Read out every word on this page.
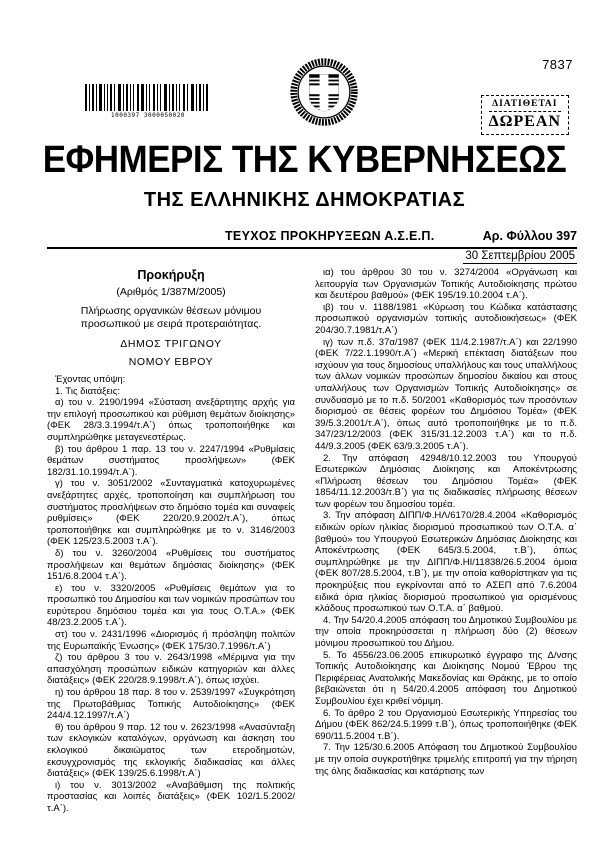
7837
1000397 3000050020
ΔΙΑΤΙΘΕΤΑΙ
ΔΩΡΕΑΝ
ΕΦΗΜΕΡΙΣ ΤΗΣ ΚΥΒΕΡΝΗΣΕΩΣ
ΤΗΣ ΕΛΛΗΝΙΚΗΣ ΔΗΜΟΚΡΑΤΙΑΣ
ΤΕΥΧΟΣ ΠΡΟΚΗΡΥΞΕΩΝ Α.Σ.Ε.Π.	Αρ. Φύλλου 397
30 Σεπτεμβρίου 2005
Προκήρυξη
(Αριθμός 1/387Μ/2005)
Πλήρωσης οργανικών θέσεων μόνιμου προσωπικού με σειρά προτεραιότητας.
ΔΗΜΟΣ ΤΡΙΓΩΝΟΥ
ΝΟΜΟΥ ΕΒΡΟΥ

Έχοντας υπόψη:

1. Τις διατάξεις:

α) του ν. 2190/1994 «Σύσταση ανεξάρτητης αρχής για την επιλογή προσωπικού και ρύθμιση θεμάτων διοίκησης» (ΦΕΚ 28/3.3.1994/τ.Α΄) όπως τροποποιήθηκε και συμπληρώθηκε μεταγενεστέρως.

β) του άρθρου 1 παρ. 13 του ν. 2247/1994 «Ρυθμίσεις θεμάτων συστήματος προσλήψεων» (ΦΕΚ 182/31.10.1994/τ.Α΄).

γ) του ν. 3051/2002 «Συνταγματικά κατοχυρωμένες ανεξάρτητες αρχές, τροποποίηση και συμπλήρωση του συστήματος προσλήψεων στο δημόσιο τομέα και συναφείς ρυθμίσεις» (ΦΕΚ 220/20.9.2002/τ.Α΄), όπως τροποποιήθηκε και συμπληρώθηκε με το ν. 3146/2003 (ΦΕΚ 125/23.5.2003 τ.Α΄).

δ) του ν. 3260/2004 «Ρυθμίσεις του συστήματος προσλήψεων και θεμάτων δημόσιας διοίκησης» (ΦΕΚ 151/6.8.2004 τ.Α΄).

ε) του ν. 3320/2005 «Ρυθμίσεις θεμάτων για το προσωπικό του Δημοσίου και των νομικών προσώπων του ευρύτερου δημόσιου τομέα και για τους Ο.Τ.Α.» (ΦΕΚ 48/23.2.2005 τ.Α΄).

στ) του ν. 2431/1996 «Διορισμός ή πρόσληψη πολιτών της Ευρωπαϊκής Ένωσης» (ΦΕΚ 175/30.7.1996/τ.Α΄)

ζ) του άρθρου 3 του ν. 2643/1998 «Μέριμνα για την απασχόληση προσώπων ειδικών κατηγοριών και άλλες διατάξεις» (ΦΕΚ 220/28.9.1998/τ.Α΄), όπως ισχύει.

η) του άρθρου 18 παρ. 8 του ν. 2539/1997 «Συγκρότηση της Πρωτοβάθμιας Τοπικής Αυτοδιοίκησης» (ΦΕΚ 244/4.12.1997/τ.Α΄)

θ) του άρθρου 9 παρ. 12 του ν. 2623/1998 «Ανασύνταξη των εκλογικών καταλόγων, οργάνωση και άσκηση του εκλογικού δικαιώματος των ετεροδημοτών, εκσυγχρονισμός της εκλογικής διαδικασίας και άλλες διατάξεις» (ΦΕΚ 139/25.6.1998/τ.Α΄)

ι) του ν. 3013/2002 «Αναβάθμιση της πολιτικής προστασίας και λοιπές διατάξεις» (ΦΕΚ 102/1.5.2002/τ.Α΄).

ια) του άρθρου 30 του ν. 3274/2004 «Οργάνωση και λειτουργία των Οργανισμών Τοπικής Αυτοδιοίκησης πρώτου και δευτέρου βαθμού» (ΦΕΚ 195/19.10.2004 τ.Α΄).

ιβ) του ν. 1188/1981 «Κύρωση του Κώδικα κατάστασης προσωπικού οργανισμών τοπικής αυτοδιοικήσεως» (ΦΕΚ 204/30.7.1981/τ.Α΄)

ιγ) των π.δ. 37α/1987 (ΦΕΚ 11/4.2.1987/τ.Α΄) και 22/1990 (ΦΕΚ 7/22.1.1990/τ.Α΄) «Μερική επέκταση διατάξεων που ισχύουν για τους δημοσίους υπαλλήλους και τους υπαλλήλους των άλλων νομικών προσώπων δημοσίου δικαίου και στους υπαλλήλους των Οργανισμών Τοπικής Αυτοδιοίκησης» σε συνδυασμό με το π.δ. 50/2001 «Καθορισμός των προσόντων διορισμού σε θέσεις φορέων του Δημόσιου Τομέα» (ΦΕΚ 39/5.3.2001/τ.Α΄), όπως αυτό τροποποιήθηκε με το π.δ. 347/23/12/2003 (ΦΕΚ 315/31.12.2003 τ.Α΄) και το π.δ. 44/9.3.2005 (ΦΕΚ 63/9.3.2005 τ.Α΄).

2. Την απόφαση 42948/10.12.2003 του Υπουργού Εσωτερικών Δημόσιας Διοίκησης και Αποκέντρωσης «Πλήρωση θέσεων του Δημόσιου Τομέα» (ΦΕΚ 1854/11.12.2003/τ.Β΄) για τις διαδικασίες πλήρωσης θέσεων των φορέων του δημοσίου τομέα.

3. Την απόφαση ΔΙΠΠ/Φ.ΗΛ/6170/28.4.2004 «Καθορισμός ειδικών ορίων ηλικίας διορισμού προσωπικού των Ο.Τ.Α. α΄ βαθμού» του Υπουργού Εσωτερικών Δημόσιας Διοίκησης και Αποκέντρωσης (ΦΕΚ 645/3.5.2004, τ.Β΄), όπως συμπληρώθηκε με την ΔΙΠΠ/Φ.ΗΙ/11838/26.5.2004 όμοια (ΦΕΚ 807/28.5.2004, τ.Β΄), με την οποία καθορίστηκαν για τις προκηρύξεις που εγκρίνονται από το ΑΣΕΠ από 7.6.2004 ειδικά όρια ηλικίας διορισμού προσωπικού για ορισμένους κλάδους προσωπικού των Ο.Τ.Α. α΄ βαθμού.

4. Την 54/20.4.2005 απόφαση του Δημοτικού Συμβουλίου με την οποία προκηρύσσεται η πλήρωση δύο (2) θέσεων μόνιμου προσωπικού του Δήμου.

5. Το 4556/23.06.2005 επικυρωτικό έγγραφο της Δ/νσης Τοπικής Αυτοδιοίκησης και Διοίκησης Νομού Έβρου της Περιφέρειας Ανατολικής Μακεδονίας και Θράκης, με το οποίο βεβαιώνεται ότι η 54/20.4.2005 απόφαση του Δημοτικού Συμβουλίου έχει κριθεί νόμιμη.

6. Το άρθρο 2 του Οργανισμού Εσωτερικής Υπηρεσίας του Δήμου (ΦΕΚ 862/24.5.1999 τ.Β΄), όπως τροποποιήθηκε (ΦΕΚ 690/11.5.2004 τ.Β΄).

7. Την 125/30.6.2005 Απόφαση του Δημοτικού Συμβουλίου με την οποία συγκροτήθηκε τριμελής επιτροπή για την τήρηση της όλης διαδικασίας και κατάρτισης των
